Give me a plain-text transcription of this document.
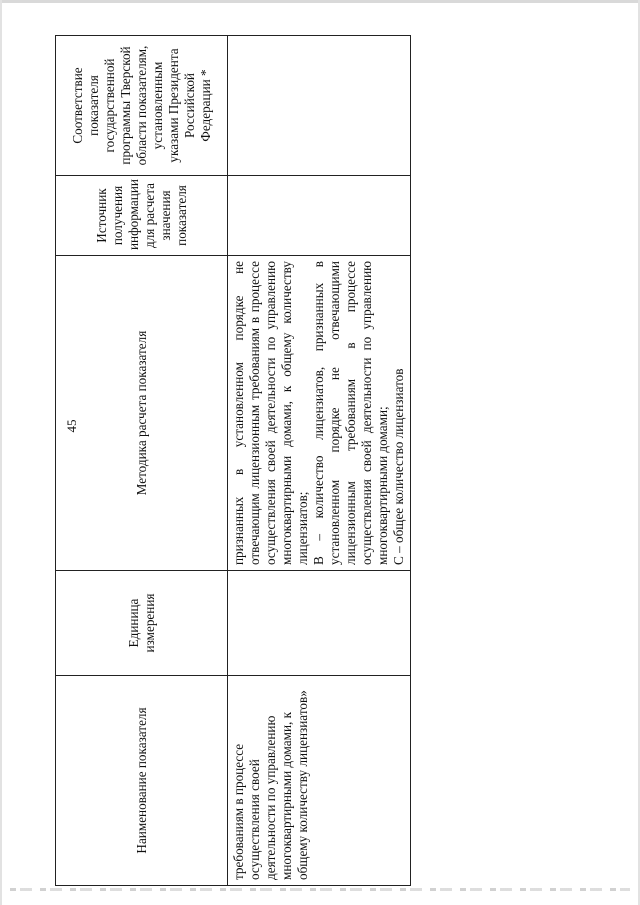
45
Наименование показателя	Единица измерения	Методика расчета показателя	Источник получения информации для расчета значения показателя	Соответствие показателя государственной программы Тверской области показателям, установленным указами Президента Российской Федерации *
требованиям в процессе осуществления своей деятельности по управлению многоквартирными домами, к общему количеству лицензиатов»		признанных в установленном порядке не отвечающим лицензионным требованиям в процессе осуществления своей деятельности по управлению многоквартирными домами, к общему количеству лицензиатов; В – количество лицензиатов, признанных в установленном порядке не отвечающими лицензионным требованиям в процессе осуществления своей деятельности по управлению многоквартирными домами; С – общее количество лицензиатов		
